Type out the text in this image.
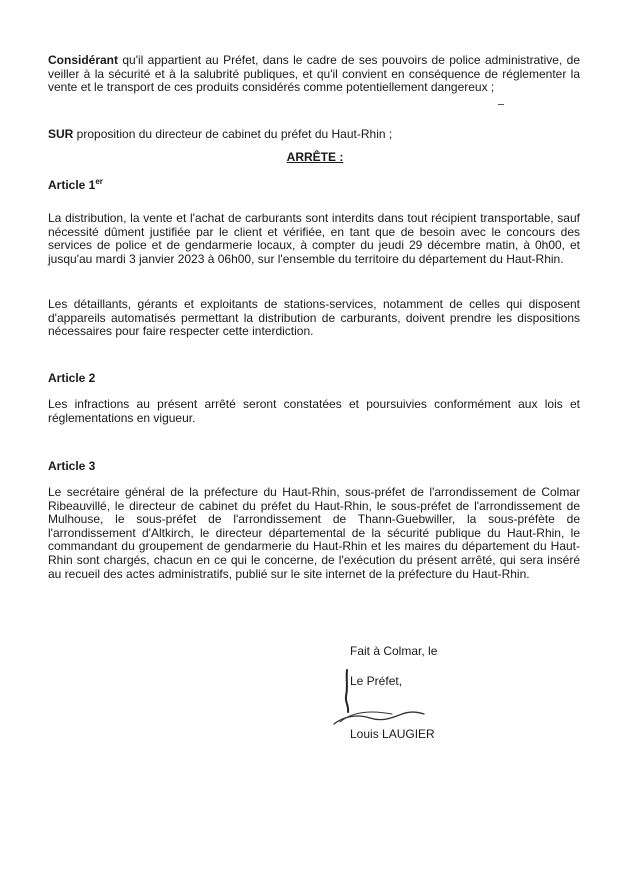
Considérant qu'il appartient au Préfet, dans le cadre de ses pouvoirs de police administrative, de veiller à la sécurité et à la salubrité publiques, et qu'il convient en conséquence de réglementer la vente et le transport de ces produits considérés comme potentiellement dangereux ;

SUR proposition du directeur de cabinet du préfet du Haut-Rhin ;

ARRÊTE :

Article 1er

La distribution, la vente et l'achat de carburants sont interdits dans tout récipient transportable, sauf nécessité dûment justifiée par le client et vérifiée, en tant que de besoin avec le concours des services de police et de gendarmerie locaux, à compter du jeudi 29 décembre matin, à 0h00, et jusqu'au mardi 3 janvier 2023 à 06h00, sur l'ensemble du territoire du département du Haut-Rhin.

Les détaillants, gérants et exploitants de stations-services, notamment de celles qui disposent d'appareils automatisés permettant la distribution de carburants, doivent prendre les dispositions nécessaires pour faire respecter cette interdiction.

Article 2

Les infractions au présent arrêté seront constatées et poursuivies conformément aux lois et réglementations en vigueur.

Article 3

Le secrétaire général de la préfecture du Haut-Rhin, sous-préfet de l'arrondissement de Colmar Ribeauvillé, le directeur de cabinet du préfet du Haut-Rhin, le sous-préfet de l'arrondissement de Mulhouse, le sous-préfet de l'arrondissement de Thann-Guebwiller, la sous-préfète de l'arrondissement d'Altkirch, le directeur départemental de la sécurité publique du Haut-Rhin, le commandant du groupement de gendarmerie du Haut-Rhin et les maires du département du Haut-Rhin sont chargés, chacun en ce qui le concerne, de l'exécution du présent arrêté, qui sera inséré au recueil des actes administratifs, publié sur le site internet de la préfecture du Haut-Rhin.

Fait à Colmar, le

Le Préfet,

Louis LAUGIER
